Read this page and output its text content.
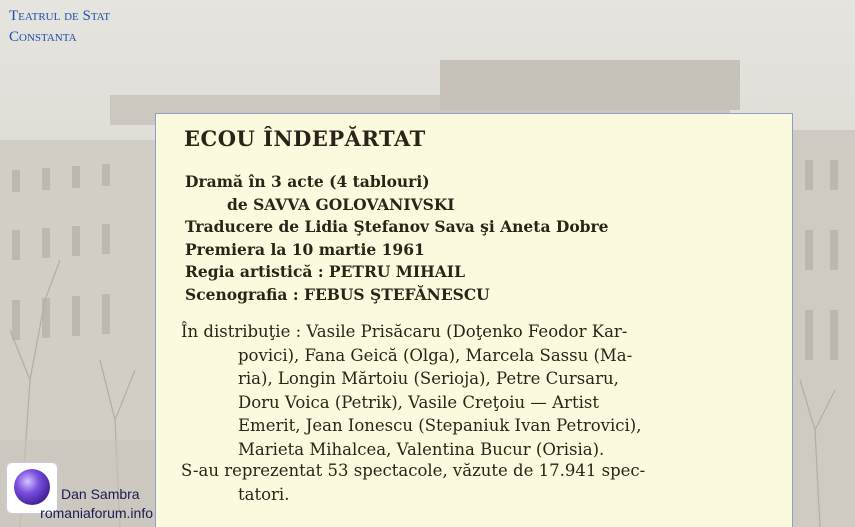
Teatrul de Stat
Constanta
ECOU ÎNDEPĂRTAT
Dramă în 3 acte (4 tablouri)
de SAVVA GOLOVANIVSKI
Traducere de Lidia Ştefanov Sava şi Aneta Dobre
Premiera la 10 martie 1961
Regia artistică : PETRU MIHAIL
Scenografia : FEBUS ŞTEFĂNESCU
În distribuţie : Vasile Prisăcaru (Doţenko Feodor Kar-
povici), Fana Geică (Olga), Marcela Sassu (Ma-
ria), Longin Mărtoiu (Serioja), Petre Cursaru,
Doru Voica (Petrik), Vasile Creţoiu — Artist
Emerit, Jean Ionescu (Stepaniuk Ivan Petrovici),
Marieta Mihalcea, Valentina Bucur (Orisia).
S-au reprezentat 53 spectacole, văzute de 17.941 spec-
tatori.
Dan Sambra
romaniaforum.info
